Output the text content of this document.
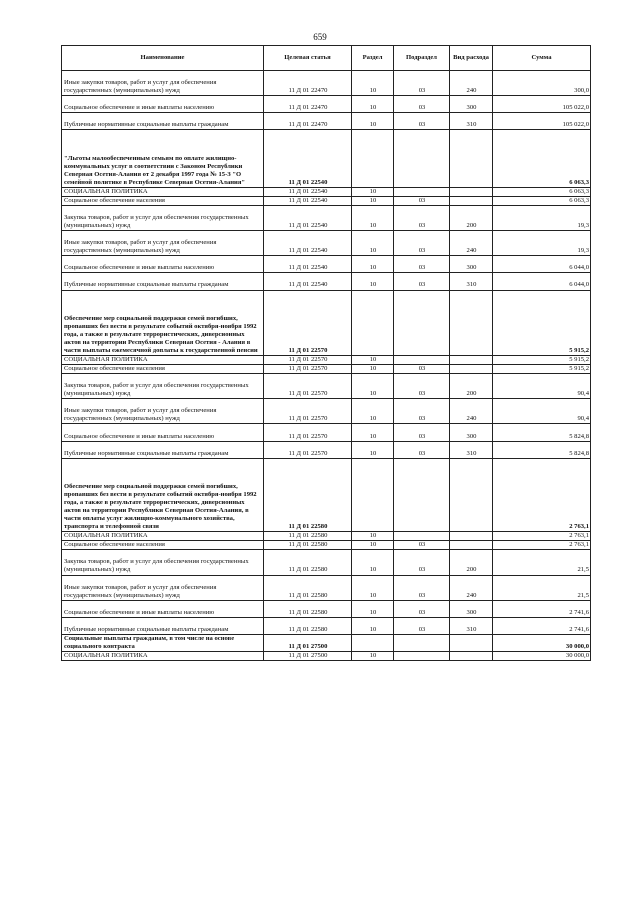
659
Наименование	Целевая статья	Раздел	Подраздел	Вид расхода	Сумма
Иные закупки товаров, работ и услуг для обеспечения государственных (муниципальных) нужд	11 Д 01 22470	10	03	240	300,0
Социальное обеспечение и иные выплаты населению	11 Д 01 22470	10	03	300	105 022,0
Публичные нормативные социальные выплаты гражданам	11 Д 01 22470	10	03	310	105 022,0
"Льготы малообеспеченным семьям по оплате жилищно-коммунальных услуг в соответствии с Законом Республики Северная Осетия-Алания от 2 декабря 1997 года № 15-З "О семейной политике в Республике Северная Осетия-Алания"	11 Д 01 22540				6 063,3
СОЦИАЛЬНАЯ ПОЛИТИКА	11 Д 01 22540	10			6 063,3
Социальное обеспечение населения	11 Д 01 22540	10	03		6 063,3
Закупка товаров, работ и услуг для обеспечения государственных (муниципальных) нужд	11 Д 01 22540	10	03	200	19,3
Иные закупки товаров, работ и услуг для обеспечения государственных (муниципальных) нужд	11 Д 01 22540	10	03	240	19,3
Социальное обеспечение и иные выплаты населению	11 Д 01 22540	10	03	300	6 044,0
Публичные нормативные социальные выплаты гражданам	11 Д 01 22540	10	03	310	6 044,0
Обеспечение мер социальной поддержки семей погибших, пропавших без вести в результате событий октября-ноября 1992 года, а также в результате террористических, диверсионных актов на территории Республики Северная Осетия - Алания в части выплаты ежемесячной доплаты к государственной пенсии	11 Д 01 22570				5 915,2
СОЦИАЛЬНАЯ ПОЛИТИКА	11 Д 01 22570	10			5 915,2
Социальное обеспечение населения	11 Д 01 22570	10	03		5 915,2
Закупка товаров, работ и услуг для обеспечения государственных (муниципальных) нужд	11 Д 01 22570	10	03	200	90,4
Иные закупки товаров, работ и услуг для обеспечения государственных (муниципальных) нужд	11 Д 01 22570	10	03	240	90,4
Социальное обеспечение и иные выплаты населению	11 Д 01 22570	10	03	300	5 824,8
Публичные нормативные социальные выплаты гражданам	11 Д 01 22570	10	03	310	5 824,8
Обеспечение мер социальной поддержки семей погибших, пропавших без вести в результате событий октября-ноября 1992 года, а также в результате террористических, диверсионных актов на территории Республики Северная Осетия-Алания, в части оплаты услуг жилищно-коммунального хозяйства, транспорта и телефонной связи	11 Д 01 22580				2 763,1
СОЦИАЛЬНАЯ ПОЛИТИКА	11 Д 01 22580	10			2 763,1
Социальное обеспечение населения	11 Д 01 22580	10	03		2 763,1
Закупка товаров, работ и услуг для обеспечения государственных (муниципальных) нужд	11 Д 01 22580	10	03	200	21,5
Иные закупки товаров, работ и услуг для обеспечения государственных (муниципальных) нужд	11 Д 01 22580	10	03	240	21,5
Социальное обеспечение и иные выплаты населению	11 Д 01 22580	10	03	300	2 741,6
Публичные нормативные социальные выплаты гражданам	11 Д 01 22580	10	03	310	2 741,6
Социальные выплаты гражданам, в том числе на основе социального контракта	11 Д 01 27500				30 000,0
СОЦИАЛЬНАЯ ПОЛИТИКА	11 Д 01 27500	10			30 000,0
